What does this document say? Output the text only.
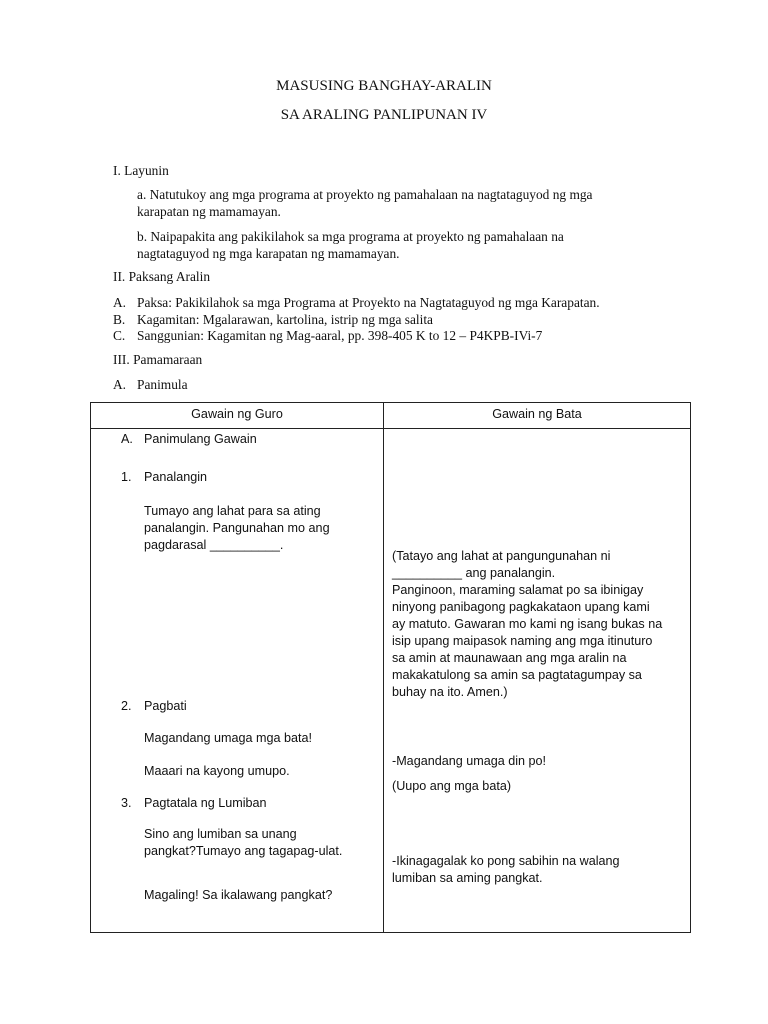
MASUSING BANGHAY-ARALIN
SA ARALING PANLIPUNAN IV
I. Layunin
a. Natutukoy ang mga programa at proyekto ng pamahalaan na nagtataguyod ng mga
karapatan ng mamamayan.
b. Naipapakita ang pakikilahok sa mga programa at proyekto ng pamahalaan na
nagtataguyod ng mga karapatan ng mamamayan.
II. Paksang Aralin
A. Paksa: Pakikilahok sa mga Programa at Proyekto na Nagtataguyod ng mga Karapatan.
B. Kagamitan: Mgalarawan, kartolina, istrip ng mga salita
C. Sanggunian: Kagamitan ng Mag-aaral, pp. 398-405 K to 12 – P4KPB-IVi-7
III. Pamamaraan
A. Panimula
Gawain ng Guro	Gawain ng Bata
A. Panimulang Gawain
1. Panalangin
Tumayo ang lahat para sa ating
panalangin. Pangunahan mo ang
pagdarasal __________.
2. Pagbati
Magandang umaga mga bata!
Maaari na kayong umupo.
3. Pagtatala ng Lumiban
Sino ang lumiban sa unang
pangkat?Tumayo ang tagapag-ulat.
Magaling! Sa ikalawang pangkat?
(Tatayo ang lahat at pangungunahan ni
__________ ang panalangin.
Panginoon, maraming salamat po sa ibinigay
ninyong panibagong pagkakataon upang kami
ay matuto. Gawaran mo kami ng isang bukas na
isip upang maipasok naming ang mga itinuturo
sa amin at maunawaan ang mga aralin na
makakatulong sa amin sa pagtatagumpay sa
buhay na ito. Amen.)
-Magandang umaga din po!
(Uupo ang mga bata)
-Ikinagagalak ko pong sabihin na walang
lumiban sa aming pangkat.
